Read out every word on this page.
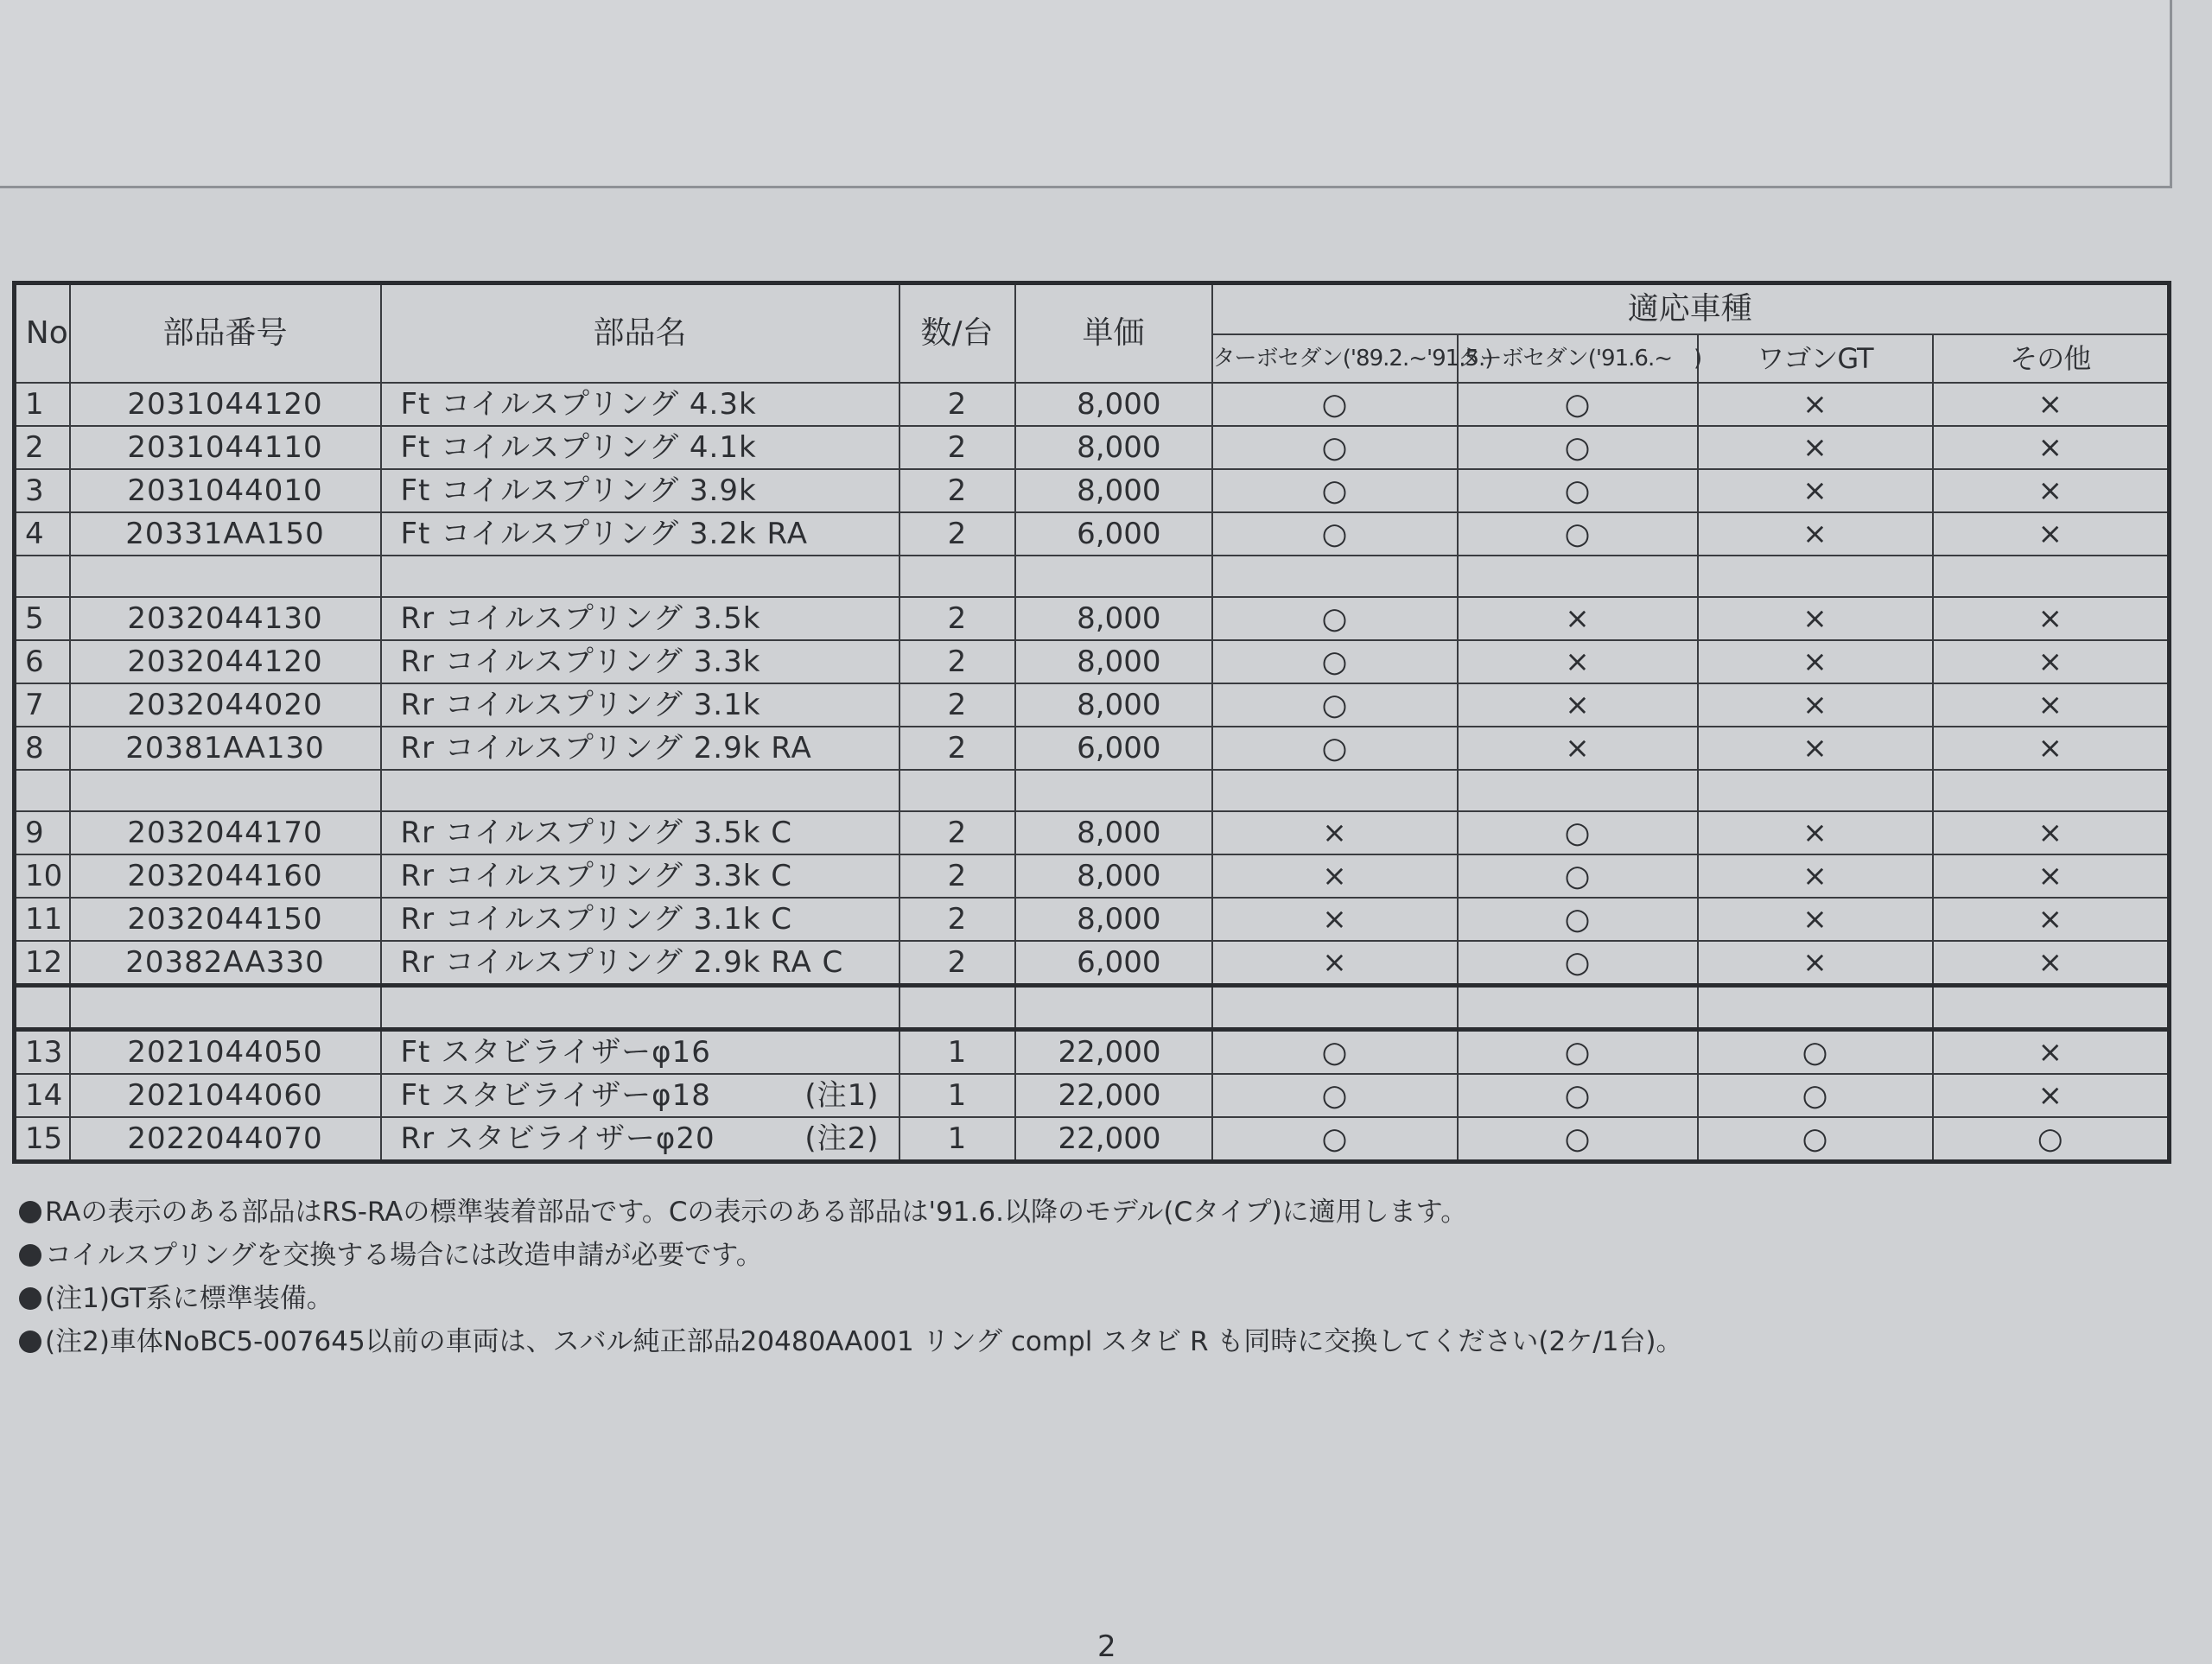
No	部品番号	部品名	数/台	単価	適応車種			
					ターボセダン('89.2.~'91.5.)	ターボセダン('91.6.~　)	ワゴンGT	その他
1	2031044120	Ft コイルスプリング 4.3k	2	8,000	○	○	×	×
2	2031044110	Ft コイルスプリング 4.1k	2	8,000	○	○	×	×
3	2031044010	Ft コイルスプリング 3.9k	2	8,000	○	○	×	×
4	20331AA150	Ft コイルスプリング 3.2k RA	2	6,000	○	○	×	×

5	2032044130	Rr コイルスプリング 3.5k	2	8,000	○	×	×	×
6	2032044120	Rr コイルスプリング 3.3k	2	8,000	○	×	×	×
7	2032044020	Rr コイルスプリング 3.1k	2	8,000	○	×	×	×
8	20381AA130	Rr コイルスプリング 2.9k RA	2	6,000	○	×	×	×

9	2032044170	Rr コイルスプリング 3.5k C	2	8,000	×	○	×	×
10	2032044160	Rr コイルスプリング 3.3k C	2	8,000	×	○	×	×
11	2032044150	Rr コイルスプリング 3.1k C	2	8,000	×	○	×	×
12	20382AA330	Rr コイルスプリング 2.9k RA C	2	6,000	×	○	×	×

13	2021044050	Ft スタビライザーφ16	1	22,000	○	○	○	×
14	2021044060	Ft スタビライザーφ18 (注1)	1	22,000	○	○	○	×
15	2022044070	Rr スタビライザーφ20 (注2)	1	22,000	○	○	○	○
RAの表示のある部品はRS-RAの標準装着部品です。Cの表示のある部品は'91.6.以降のモデル(Cタイプ)に適用します。
コイルスプリングを交換する場合には改造申請が必要です。
(注1)GT系に標準装備。
(注2)車体NoBC5-007645以前の車両は、スバル純正部品20480AA001 リング compl スタビ R も同時に交換してください(2ケ/1台)。
2
